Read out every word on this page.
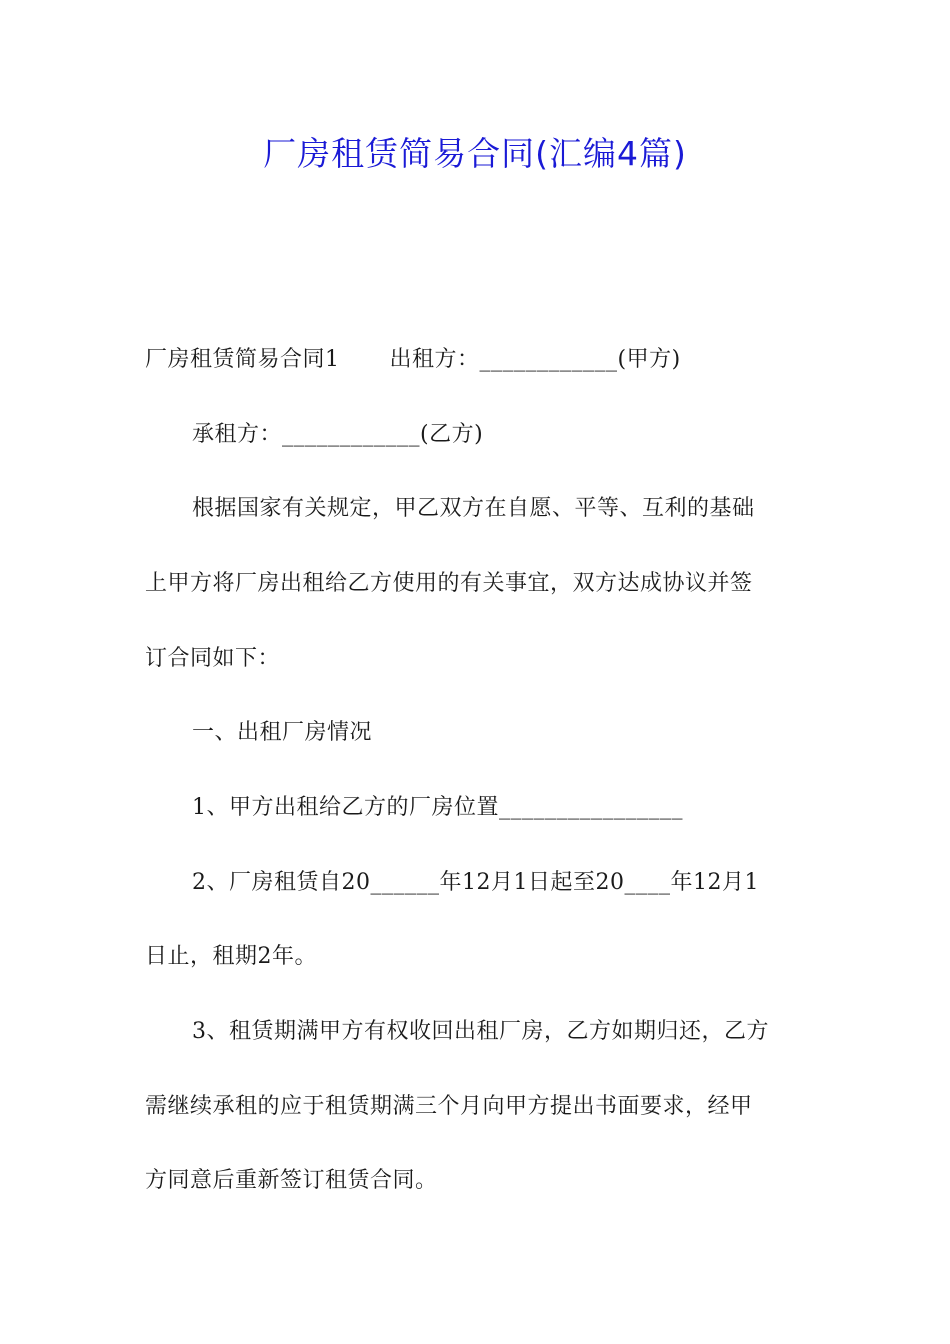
厂房租赁简易合同(汇编4篇)
厂房租赁简易合同1 出租方：____________(甲方)
承租方：____________(乙方)
根据国家有关规定，甲乙双方在自愿、平等、互利的基础
上甲方将厂房出租给乙方使用的有关事宜，双方达成协议并签
订合同如下：
一、出租厂房情况
1、甲方出租给乙方的厂房位置________________
2、厂房租赁自20______年12月1日起至20____年12月1
日止，租期2年。
3、租赁期满甲方有权收回出租厂房，乙方如期归还，乙方
需继续承租的应于租赁期满三个月向甲方提出书面要求，经甲
方同意后重新签订租赁合同。
